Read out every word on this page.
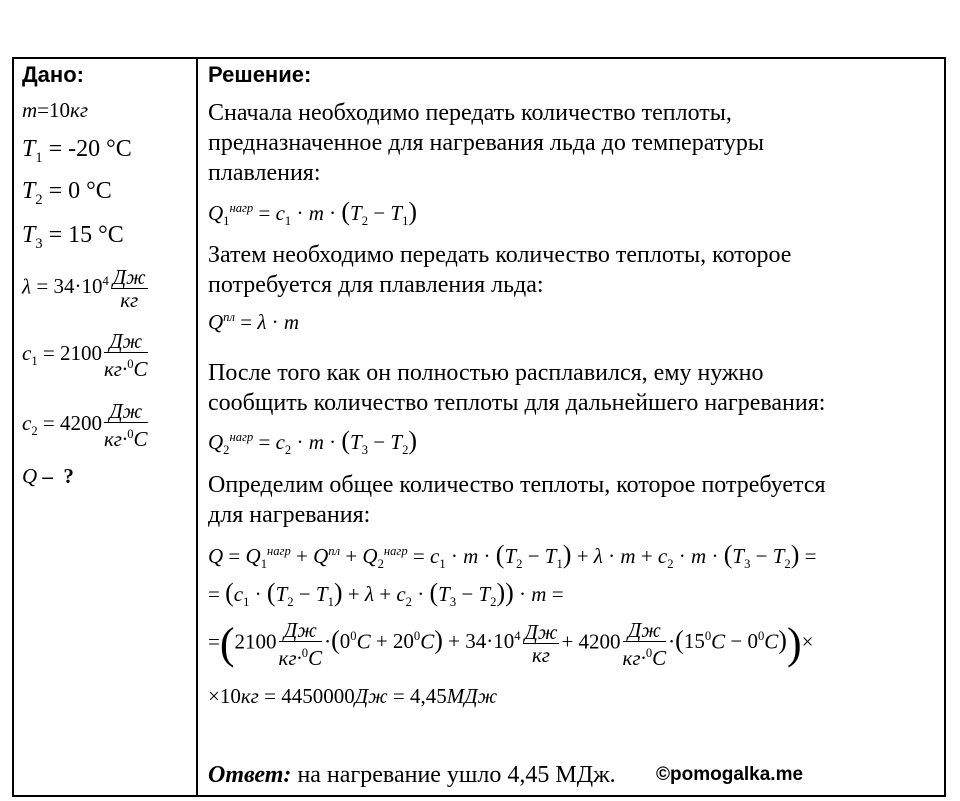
Дано:
m=10кг
$T_1 = -20$ °C
$T_2 = 0$ °C
$T_3 = 15$ °C
$\lambda = 34\cdot 10^4 \frac{Дж}{кг}$
$c_1 = 2100 \frac{Дж}{кг\cdot^0C}$
$c_2 = 4200 \frac{Дж}{кг\cdot^0C}$
Q –  ?
Решение:
Сначала необходимо передать количество теплоты,
предназначенное для нагревания льда до температуры
плавления:
$Q_1^{нагр} = c_1 \cdot m \cdot (T_2 - T_1)$
Затем необходимо передать количество теплоты, которое
потребуется для плавления льда:
$Q^{пл} = \lambda \cdot m$
После того как он полностью расплавился, ему нужно
сообщить количество теплоты для дальнейшего нагревания:
$Q_2^{нагр} = c_2 \cdot m \cdot (T_3 - T_2)$
Определим общее количество теплоты, которое потребуется
для нагревания:
$Q = Q_1^{нагр} + Q^{пл} + Q_2^{нагр} = c_1 \cdot m \cdot (T_2 - T_1) + \lambda \cdot m + c_2 \cdot m \cdot (T_3 - T_2)$ =
= $(c_1 \cdot (T_2 - T_1) + \lambda + c_2 \cdot (T_3 - T_2)) \cdot m$ =
$=(2100 \frac{Дж}{кг\cdot^0C} \cdot(0^0C + 20^0C) + 34\cdot 10^4 \frac{Дж}{кг} + 4200 \frac{Дж}{кг\cdot^0C} \cdot(15^0C - 0^0C))\times$
×10кг = 4450000Дж = 4,45МДж
Ответ: на нагревание ушло 4,45 МДж. ©pomogalka.me
